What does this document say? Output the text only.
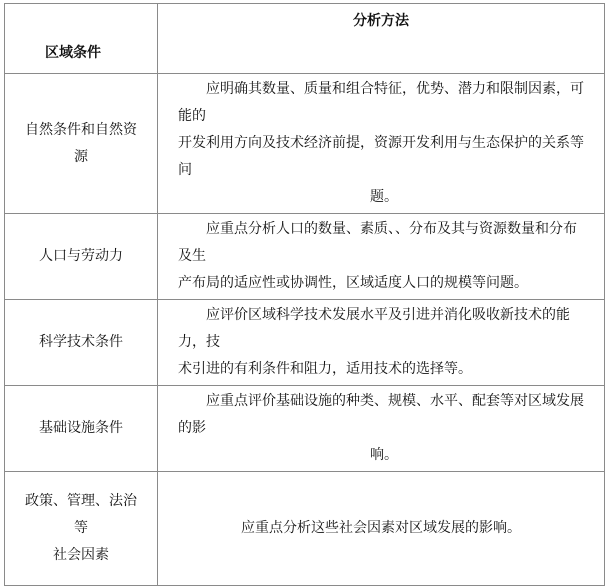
区域条件	分析方法

自然条件和自然资
源	应明确其数量、质量和组合特征，优势、潜力和限制因素，可能的
开发利用方向及技术经济前提，资源开发利用与生态保护的关系等问
题。

人口与劳动力	应重点分析人口的数量、素质、、分布及其与资源数量和分布及生
产布局的适应性或协调性，区域适度人口的规模等问题。

科学技术条件	应评价区域科学技术发展水平及引进并消化吸收新技术的能力，技
术引进的有利条件和阻力，适用技术的选择等。

基础设施条件	应重点评价基础设施的种类、规模、水平、配套等对区域发展的影
响。

政策、管理、法治
等
社会因素	应重点分析这些社会因素对区域发展的影响。
